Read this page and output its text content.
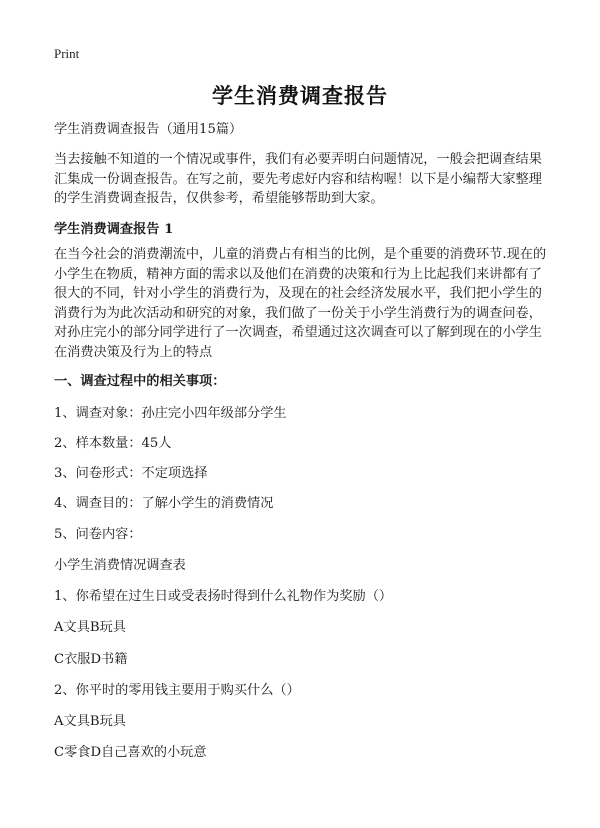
Print
学生消费调查报告
学生消费调查报告（通用15篇）
当去接触不知道的一个情况或事件，我们有必要弄明白问题情况，一般会把调查结果汇集成一份调查报告。在写之前，要先考虑好内容和结构喔！以下是小编帮大家整理的学生消费调查报告，仅供参考，希望能够帮助到大家。
学生消费调查报告 1
在当今社会的消费潮流中，儿童的消费占有相当的比例，是个重要的消费环节.现在的小学生在物质，精神方面的需求以及他们在消费的决策和行为上比起我们来讲都有了很大的不同，针对小学生的消费行为，及现在的社会经济发展水平，我们把小学生的消费行为为此次活动和研究的对象，我们做了一份关于小学生消费行为的调查问卷，对孙庄完小的部分同学进行了一次调查，希望通过这次调查可以了解到现在的小学生在消费决策及行为上的特点
一、调查过程中的相关事项：
1、调查对象：孙庄完小四年级部分学生
2、样本数量：45人
3、问卷形式：不定项选择
4、调查目的：了解小学生的消费情况
5、问卷内容：
小学生消费情况调查表
1、你希望在过生日或受表扬时得到什么礼物作为奖励（）
A文具B玩具
C衣服D书籍
2、你平时的零用钱主要用于购买什么（）
A文具B玩具
C零食D自己喜欢的小玩意
